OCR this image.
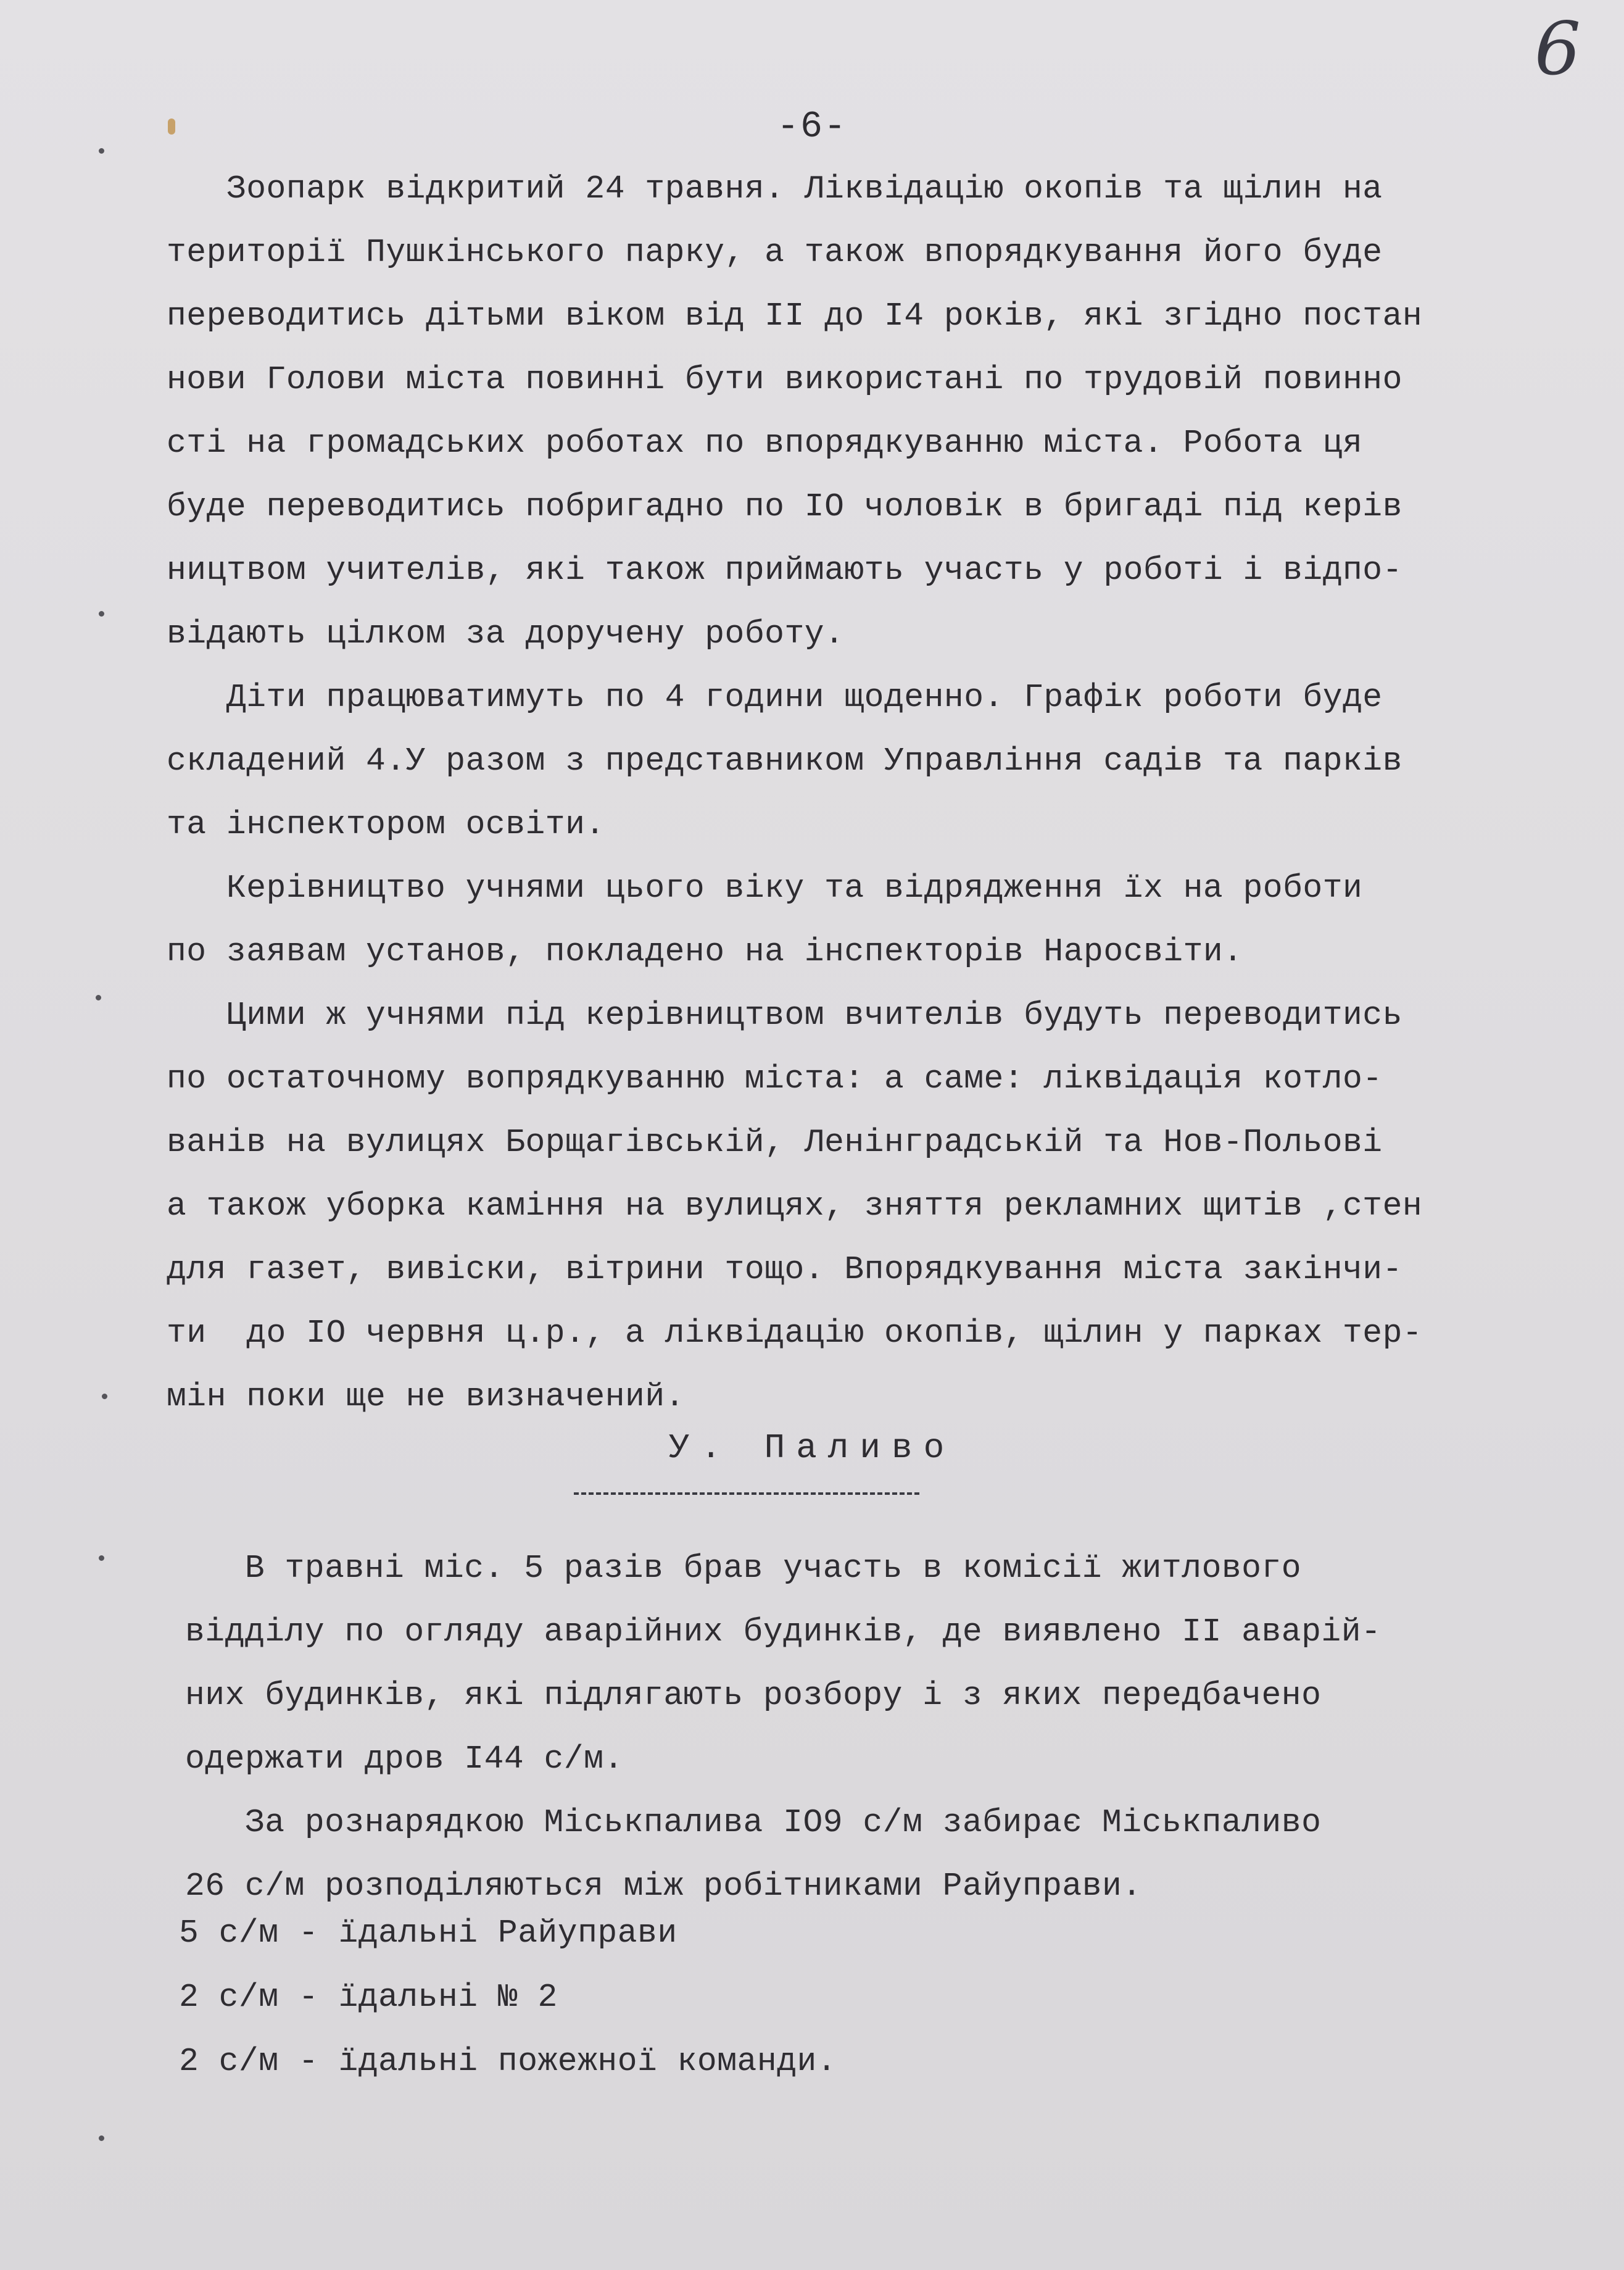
6
-6-
Зоопарк відкритий 24 травня. Ліквідацію окопів та щілин на
території Пушкінського парку, а також впорядкування його буде
переводитись дітьми віком від II до I4 років, які згідно постан
нови Голови міста повинні бути використані по трудовій повинно
сті на громадських роботах по впорядкуванню міста. Робота ця
буде переводитись побригадно по IO чоловік в бригаді під керів
ництвом учителів, які також приймають участь у роботі і відпо-
відають цілком за доручену роботу.
Діти працюватимуть по 4 години щоденно. Графік роботи буде
складений 4.У разом з представником Управління садів та парків
та інспектором освіти.
Керівництво учнями цього віку та відрядження їх на роботи
по заявам установ, покладено на інспекторів Наросвіти.
Цими ж учнями під керівництвом вчителів будуть переводитись
по остаточному вопрядкуванню міста: а саме: ліквідація котло-
ванів на вулицях Борщагівській, Ленінградській та Нов-Польові
а також уборка каміння на вулицях, зняття рекламних щитів ,стен
для газет, вивіски, вітрини тощо. Впорядкування міста закінчи-
ти  до IO червня ц.р., а ліквідацію окопів, щілин у парках тер-
мін поки ще не визначений.
У. Паливо
В травні міс. 5 разів брав участь в комісії житлового
відділу по огляду аварійних будинків, де виявлено II аварій-
них будинків, які підлягають розбору і з яких передбачено
одержати дров I44 с/м.
За рознарядкою Міськпалива IO9 с/м забирає Міськпаливо
26 с/м розподіляються між робітниками Райуправи.
5 с/м - їдальні Райуправи
2 с/м - їдальні № 2
2 с/м - їдальні пожежної команди.
